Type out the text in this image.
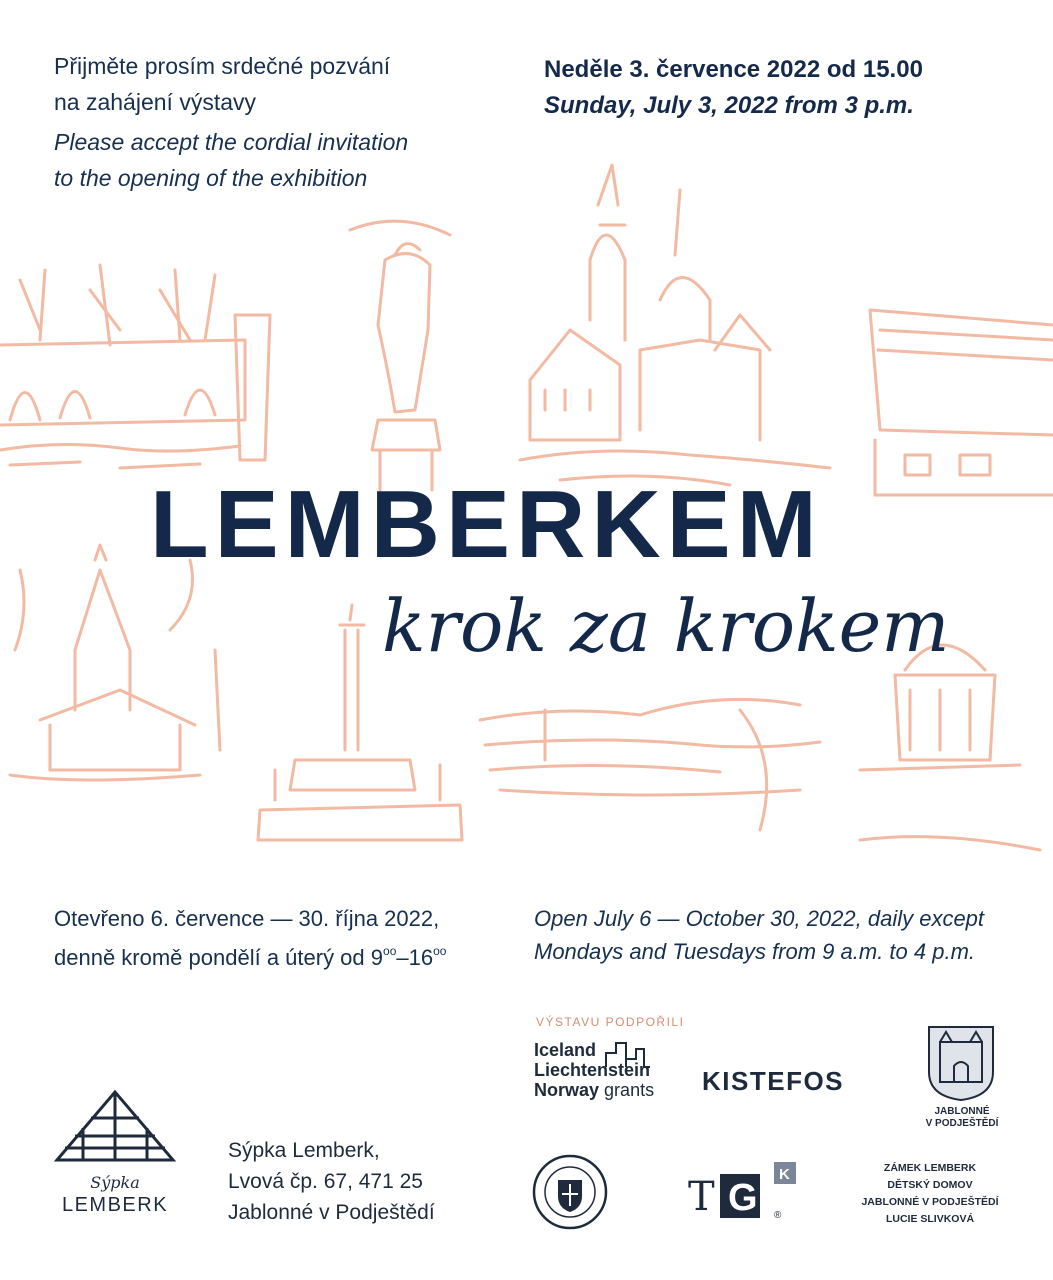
Přijměte prosím srdečné pozvání
na zahájení výstavy
Please accept the cordial invitation
to the opening of the exhibition
Neděle 3. července 2022 od 15.00
Sunday, July 3, 2022 from 3 p.m.
LEMBERKEM
krok za krokem
Otevřeno 6. července — 30. října 2022,
denně kromě pondělí a úterý od $9^{oo}-16^{oo}$
Open July 6 — October 30, 2022, daily except
Mondays and Tuesdays from 9 a.m. to 4 p.m.
VÝSTAVU PODPOŘILI
Iceland
Liechtenstein
Norway grants KISTEFOS
JABLONNÉ
V PODJEŠTĚDÍ
T G
K
®
ZÁMEK LEMBERK
DĚTSKÝ DOMOV
JABLONNÉ V PODJEŠTĚDÍ
LUCIE SLIVKOVÁ
Sýpka
LEMBERK
Sýpka Lemberk,
Lvová čp. 67, 471 25
Jablonné v Podještědí
